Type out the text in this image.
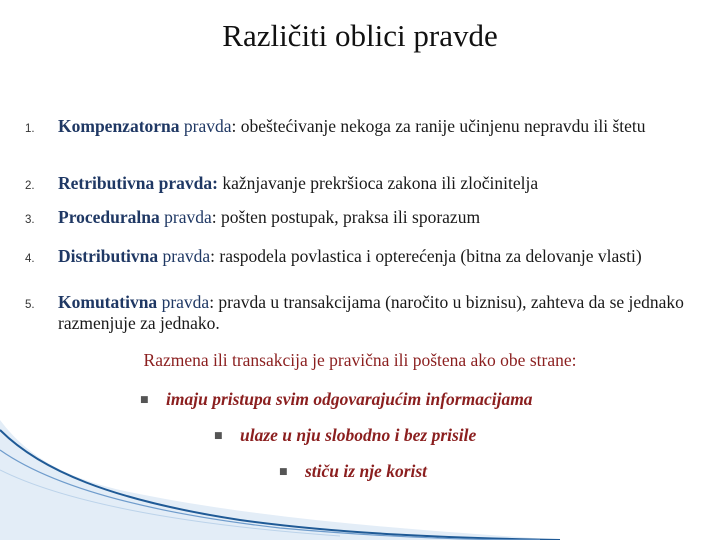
Različiti oblici pravde
1. Kompenzatorna pravda: obeštećivanje nekoga za ranije učinjenu nepravdu ili štetu
2. Retributivna pravda: kažnjavanje prekršioca zakona ili zločinitelja
3. Proceduralna pravda: pošten postupak, praksa ili sporazum
4. Distributivna pravda: raspodela povlastica i opterećenja (bitna za delovanje vlasti)
5. Komutativna pravda: pravda u transakcijama (naročito u biznisu), zahteva da se jednako razmenjuje za jednako.
Razmena ili transakcija je pravična ili poštena ako obe strane:
■ imaju pristupa svim odgovarajućim informacijama
■ ulaze u nju slobodno i bez prisile
■ stiču iz nje korist
